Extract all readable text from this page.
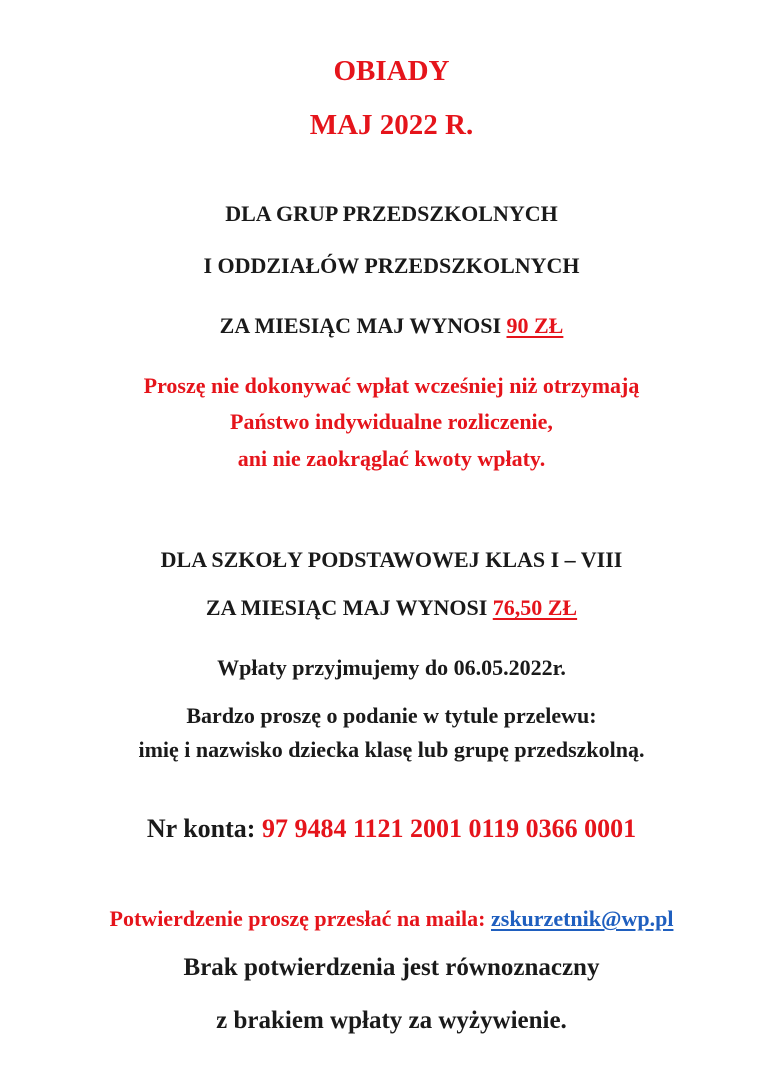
OBIADY
MAJ 2022 R.
DLA GRUP PRZEDSZKOLNYCH
I ODDZIAŁÓW PRZEDSZKOLNYCH
ZA MIESIĄC MAJ WYNOSI 90 ZŁ
Proszę nie dokonywać wpłat wcześniej niż otrzymają
Państwo indywidualne rozliczenie,
ani nie zaokrąglać kwoty wpłaty.
DLA SZKOŁY PODSTAWOWEJ KLAS I – VIII
ZA MIESIĄC MAJ WYNOSI 76,50 ZŁ
Wpłaty przyjmujemy do 06.05.2022r.
Bardzo proszę o podanie w tytule przelewu:
imię i nazwisko dziecka klasę lub grupę przedszkolną.
Nr konta: 97 9484 1121 2001 0119 0366 0001
Potwierdzenie proszę przesłać na maila: zskurzetnik@wp.pl
Brak potwierdzenia jest równoznaczny
z brakiem wpłaty za wyżywienie.
